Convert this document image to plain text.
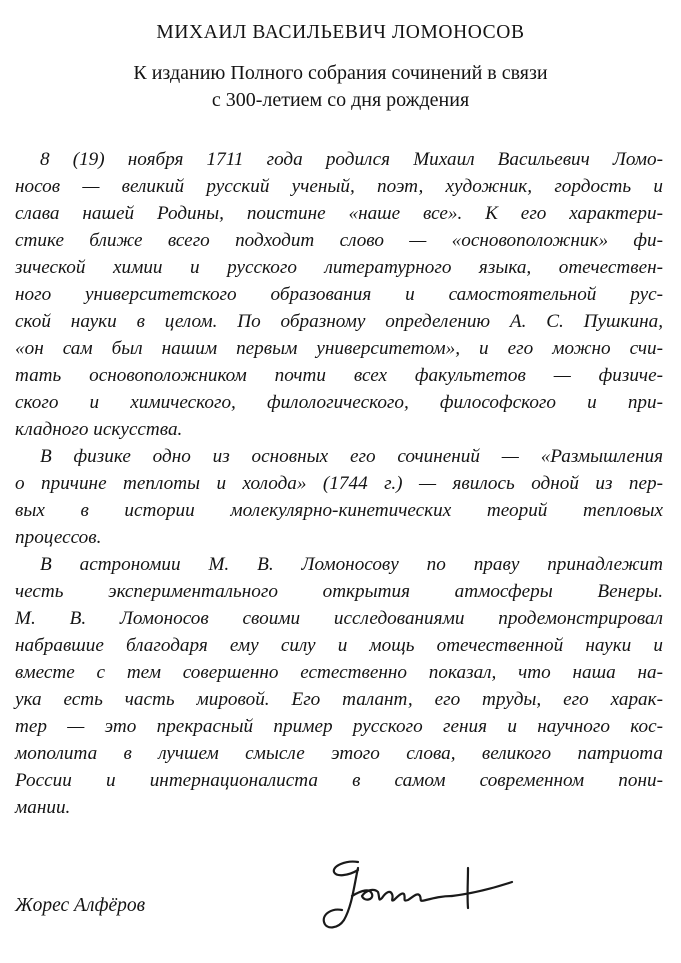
МИХАИЛ ВАСИЛЬЕВИЧ ЛОМОНОСОВ
К изданию Полного собрания сочинений в связи
с 300-летием со дня рождения
8 (19) ноября 1711 года родился Михаил Васильевич Ломо-
носов — великий русский ученый, поэт, художник, гордость и
слава нашей Родины, поистине «наше все». К его характери-
стике ближе всего подходит слово — «основоположник» фи-
зической химии и русского литературного языка, отечествен-
ного университетского образования и самостоятельной рус-
ской науки в целом. По образному определению А. С. Пушкина,
«он сам был нашим первым университетом», и его можно счи-
тать основоположником почти всех факультетов — физиче-
ского и химического, филологического, философского и при-
кладного искусства.
В физике одно из основных его сочинений — «Размышления
о причине теплоты и холода» (1744 г.) — явилось одной из пер-
вых в истории молекулярно-кинетических теорий тепловых
процессов.
В астрономии М. В. Ломоносову по праву принадлежит
честь экспериментального открытия атмосферы Венеры.
М. В. Ломоносов своими исследованиями продемонстрировал
набравшие благодаря ему силу и мощь отечественной науки и
вместе с тем совершенно естественно показал, что наша на-
ука есть часть мировой. Его талант, его труды, его харак-
тер — это прекрасный пример русского гения и научного кос-
мополита в лучшем смысле этого слова, великого патриота
России и интернационалиста в самом современном пони-
мании.
Жорес Алфёров
